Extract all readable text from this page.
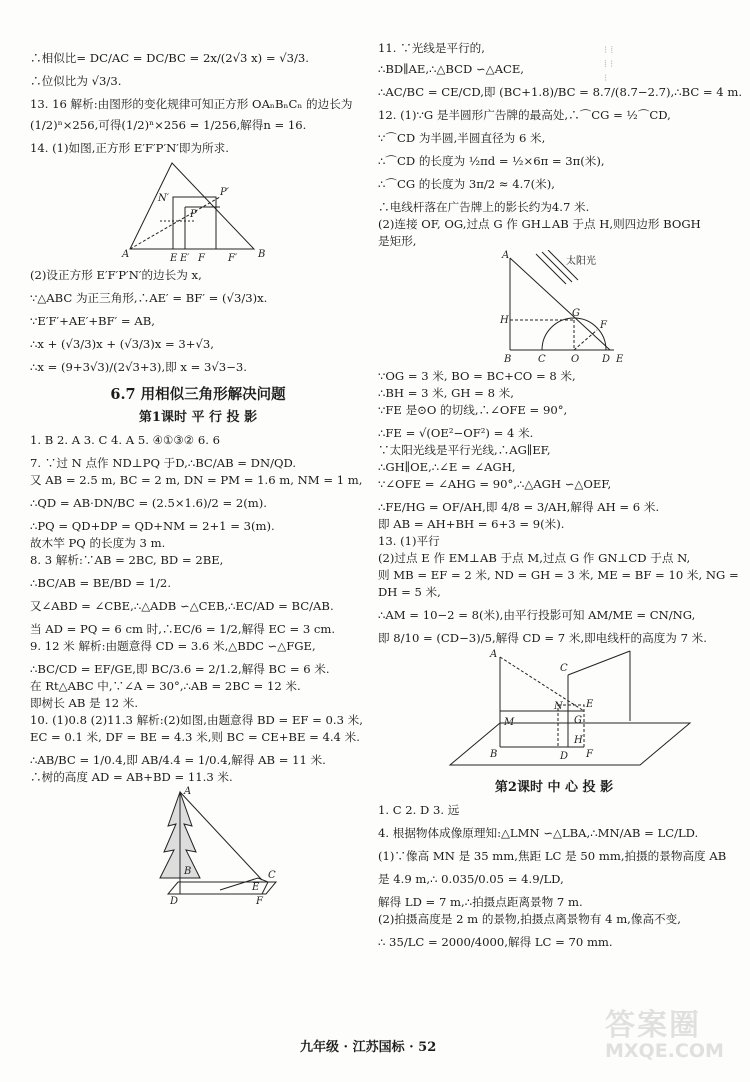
∴相似比= DC/AC = DC/BC = 2x/(2√3 x) = √3/3.

∴位似比为 √3/3.

13. 16 解析:由图形的变化规律可知正方形 OAₙBₙCₙ 的边长为

(1/2)ⁿ×256,可得(1/2)ⁿ×256 = 1/256,解得n = 16.

14. (1)如图,正方形 E′F′P′N′即为所求.

A	B
N′
P′
P
E E′ F F′

(2)设正方形 E′F′P′N′的边长为 x,

∵△ABC 为正三角形,∴AE′ = BF′ = (√3/3)x.

∵E′F′+AE′+BF′ = AB,

∴x + (√3/3)x + (√3/3)x = 3+√3,

∴x = (9+3√3)/(2√3+3),即 x = 3√3−3.

6.7 用相似三角形解决问题
第1课时 平 行 投 影

1. B 2. A 3. C 4. A 5. ④①③② 6. 6

7. ∵过 N 点作 ND⊥PQ 于D,∴BC/AB = DN/QD.

又 AB = 2.5 m, BC = 2 m, DN = PM = 1.6 m, NM = 1 m,

∴QD = AB·DN/BC = (2.5×1.6)/2 = 2(m).

∴PQ = QD+DP = QD+NM = 2+1 = 3(m).

故木竿 PQ 的长度为 3 m.

8. 3 解析:∵AB = 2BC, BD = 2BE,

∴BC/AB = BE/BD = 1/2.

又∠ABD = ∠CBE,∴△ADB ∽△CEB,∴EC/AD = BC/AB.

当 AD = PQ = 6 cm 时,∴EC/6 = 1/2,解得 EC = 3 cm.

9. 12 米 解析:由题意得 CD = 3.6 米,△BDC ∽△FGE,

∴BC/CD = EF/GE,即 BC/3.6 = 2/1.2,解得 BC = 6 米.

在 Rt△ABC 中,∵∠A = 30°,∴AB = 2BC = 12 米.

即树长 AB 是 12 米.

10. (1)0.8 (2)11.3 解析:(2)如图,由题意得 BD = EF = 0.3 米,

EC = 0.1 米, DF = BE = 4.3 米,则 BC = CE+BE = 4.4 米.

∴AB/BC = 1/0.4,即 AB/4.4 = 1/0.4,解得 AB = 11 米.

∴树的高度 AD = AB+BD = 11.3 米.

A
B	C
D
E
F

11. ∵光线是平行的,

∴BD∥AE,∴△BCD ∽△ACE,

∴AC/BC = CE/CD,即 (BC+1.8)/BC = 8.7/(8.7−2.7),∴BC = 4 m.

12. (1)∵G 是半圆形广告牌的最高处,∴⌒CG = ½⌒CD,

∵⌒CD 为半圆,半圆直径为 6 米,

∴⌒CD 的长度为 ½πd = ½×6π = 3π(米),

∴⌒CG 的长度为 3π/2 ≈ 4.7(米),

∴电线杆落在广告牌上的影长约为4.7 米.

(2)连接 OF, OG,过点 G 作 GH⊥AB 于点 H,则四边形 BOGH

是矩形,

太阳光
A
H
G
F
B	C	O D E

∵OG = 3 米, BO = BC+CO = 8 米,

∴BH = 3 米, GH = 8 米,

∵FE 是⊙O 的切线,∴∠OFE = 90°,

∴FE = √(OE²−OF²) = 4 米.

∵太阳光线是平行光线,∴AG∥EF,

∴GH∥OE,∴∠E = ∠AGH,

∵∠OFE = ∠AHG = 90°,∴△AGH ∽△OEF,

∴FE/HG = OF/AH,即 4/8 = 3/AH,解得 AH = 6 米.

即 AB = AH+BH = 6+3 = 9(米).

13. (1)平行

(2)过点 E 作 EM⊥AB 于点 M,过点 G 作 GN⊥CD 于点 N,

则 MB = EF = 2 米, ND = GH = 3 米, ME = BF = 10 米, NG =

DH = 5 米,

∴AM = 10−2 = 8(米),由平行投影可知 AM/ME = CN/NG,

即 8/10 = (CD−3)/5,解得 CD = 7 米,即电线杆的高度为 7 米.

A
B
C
D
E
F
G
H
M
N
第2课时 中 心 投 影

1. C 2. D 3. 远

4. 根据物体成像原理知:△LMN ∽△LBA,∴MN/AB = LC/LD.

(1)∵像高 MN 是 35 mm,焦距 LC 是 50 mm,拍摄的景物高度 AB

是 4.9 m,∴ 0.035/0.05 = 4.9/LD,

解得 LD = 7 m,∴拍摄点距离景物 7 m.

(2)拍摄高度是 2 m 的景物,拍摄点离景物有 4 m,像高不变,

∴ 35/LC = 2000/4000,解得 LC = 70 mm.

⁝ ⁞
⁞ ⁝
⁝
九年级 · 江苏国标 · 52
答案圈
MXQE.COM
